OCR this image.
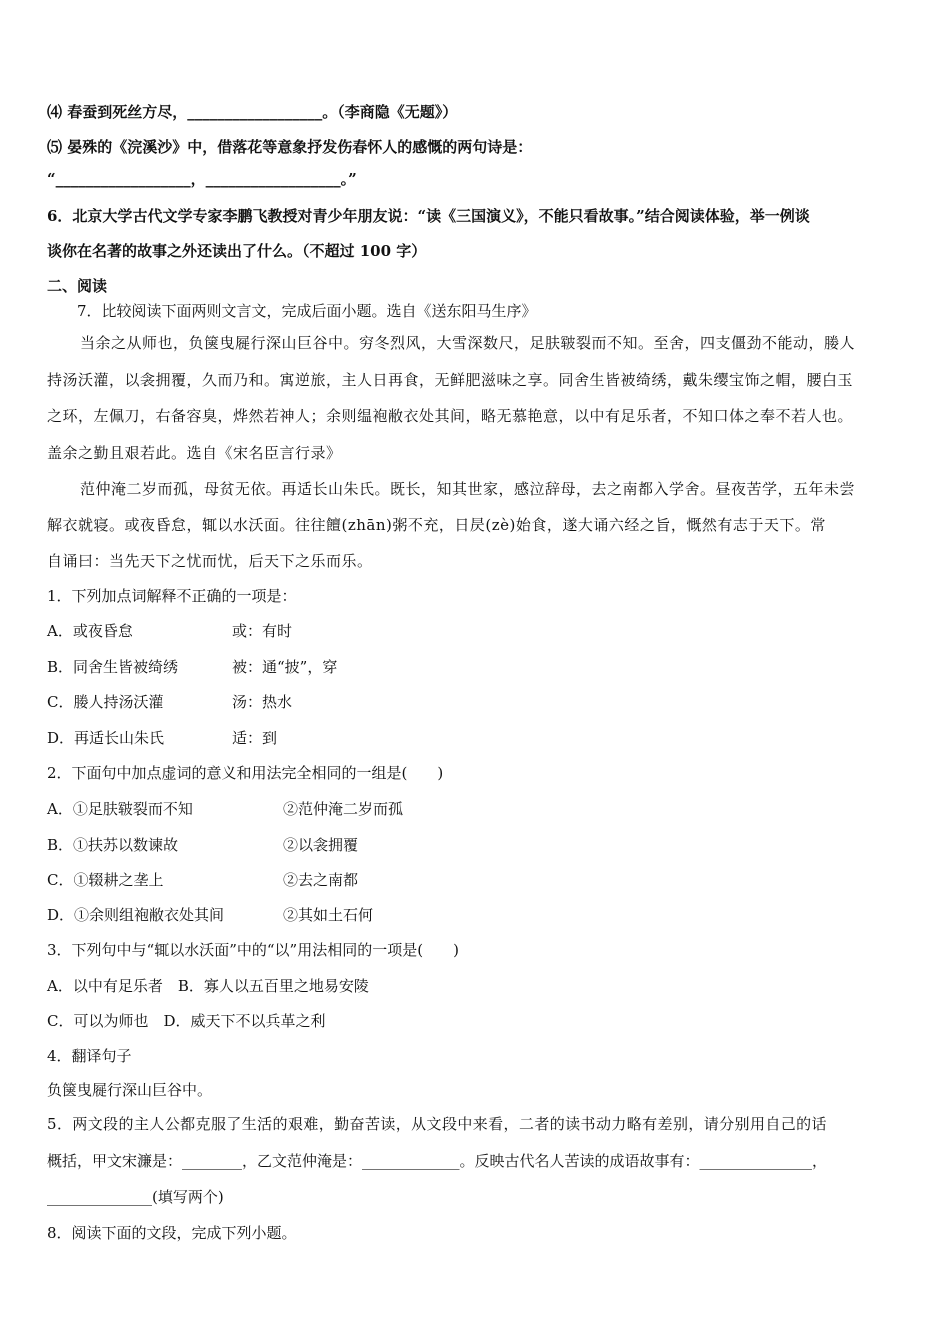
⑷ 春蚕到死丝方尽，__________________。（李商隐《无题》）
⑸ 晏殊的《浣溪沙》中，借落花等意象抒发伤春怀人的感慨的两句诗是：
“__________________，__________________。”
6．北京大学古代文学专家李鹏飞教授对青少年朋友说：“读《三国演义》，不能只看故事。”结合阅读体验，举一例谈
谈你在名著的故事之外还读出了什么。（不超过 100 字）
二、阅读
7．比较阅读下面两则文言文，完成后面小题。选自《送东阳马生序》
当余之从师也，负箧曳屣行深山巨谷中。穷冬烈风，大雪深数尺，足肤皲裂而不知。至舍，四支僵劲不能动，媵人
持汤沃灌，以衾拥覆，久而乃和。寓逆旅，主人日再食，无鲜肥滋味之享。同舍生皆被绮绣，戴朱缨宝饰之帽，腰白玉
之环，左佩刀，右备容臭，烨然若神人；余则缊袍敝衣处其间，略无慕艳意，以中有足乐者，不知口体之奉不若人也。
盖余之勤且艰若此。选自《宋名臣言行录》
范仲淹二岁而孤，母贫无依。再适长山朱氏。既长，知其世家，感泣辞母，去之南都入学舍。昼夜苦学，五年未尝
解衣就寝。或夜昏怠，辄以水沃面。往往饘(zhān)粥不充，日昃(zè)始食，遂大诵六经之旨，慨然有志于天下。常
自诵曰：当先天下之忧而忧，后天下之乐而乐。
1．下列加点词解释不正确的一项是：
A．或夜昏怠	或：有时
B．同舍生皆被绮绣	被：通“披”，穿
C．媵人持汤沃灌	汤：热水
D．再适长山朱氏	适：到
2．下面句中加点虚词的意义和用法完全相同的一组是(　　)
A．①足肤皲裂而不知	②范仲淹二岁而孤
B．①扶苏以数谏故	②以衾拥覆
C．①辍耕之垄上	②去之南都
D．①余则组袍敝衣处其间	②其如土石何
3．下列句中与“辄以水沃面”中的“以”用法相同的一项是(　　)
A．以中有足乐者　B．寡人以五百里之地易安陵
C．可以为师也　D．威天下不以兵革之利
4．翻译句子
负箧曳屣行深山巨谷中。
5．两文段的主人公都克服了生活的艰难，勤奋苦读，从文段中来看，二者的读书动力略有差别，请分别用自己的话
概括，甲文宋濂是：________，乙文范仲淹是：_____________。反映古代名人苦读的成语故事有：_______________，
______________(填写两个)
8．阅读下面的文段，完成下列小题。
